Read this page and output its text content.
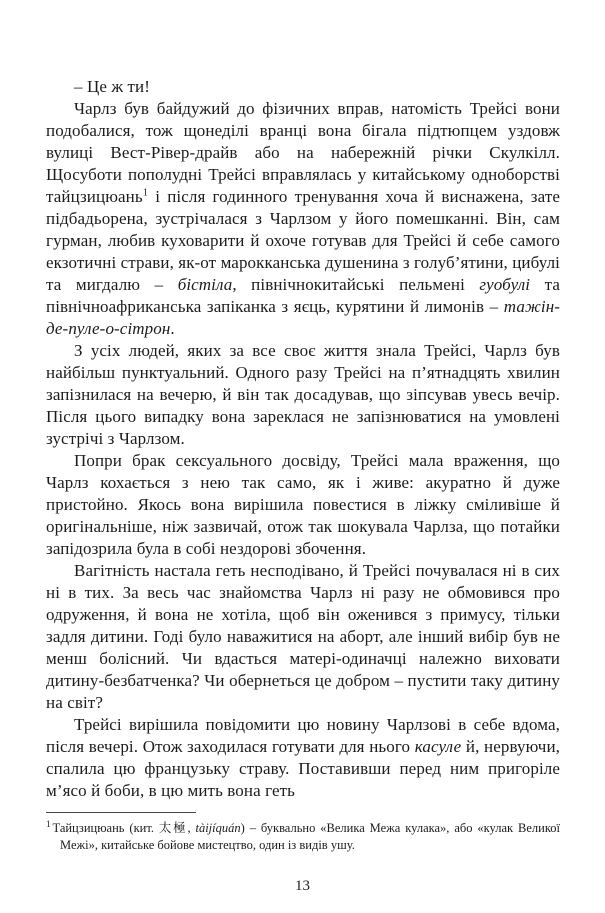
– Це ж ти!

Чарлз був байдужий до фізичних вправ, натомість Трейсі вони подобалися, тож щонеділі вранці вона бігала підтюпцем уздовж вулиці Вест-Рівер-драйв або на набережній річки Скулкілл. Щосуботи пополудні Трейсі вправлялась у китайському одноборстві тайцзицюань$^1$ і після годинного тренування хоча й виснажена, зате підбадьорена, зустрічалася з Чарлзом у його помешканні. Він, сам гурман, любив куховарити й охоче готував для Трейсі й себе самого екзотичні страви, як-от марокканська душенина з голуб’ятини, цибулі та мигдалю – бістіла, північнокитайські пельмені гуобулі та північноафриканська запіканка з яєць, курятини й лимонів – тажін-де-пуле-о-сітрон.

З усіх людей, яких за все своє життя знала Трейсі, Чарлз був найбільш пунктуальний. Одного разу Трейсі на п’ятнадцять хвилин запізнилася на вечерю, й він так досадував, що зіпсував увесь вечір. Після цього випадку вона зареклася не запізнюватися на умовлені зустрічі з Чарлзом.

Попри брак сексуального досвіду, Трейсі мала враження, що Чарлз кохається з нею так само, як і живе: акуратно й дуже пристойно. Якось вона вирішила повестися в ліжку сміливіше й оригінальніше, ніж зазвичай, отож так шокувала Чарлза, що потайки запідозрила була в собі нездорові збочення.

Вагітність настала геть несподівано, й Трейсі почувалася ні в сих ні в тих. За весь час знайомства Чарлз ні разу не обмовився про одруження, й вона не хотіла, щоб він оженився з примусу, тільки задля дитини. Годі було наважитися на аборт, але інший вибір був не менш болісний. Чи вдасться матері-одиначці належно виховати дитину-безбатченка? Чи обернеться це добром – пустити таку дитину на світ?

Трейсі вирішила повідомити цю новину Чарлзові в себе вдома, після вечері. Отож заходилася готувати для нього касуле й, нервуючи, спалила цю французьку страву. Поставивши перед ним пригоріле м’ясо й боби, в цю мить вона геть

$^1$ Тайцзицюань (кит. 太極, tàijíquán) – буквально «Велика Межа кулака», або «кулак Великої Межі», китайське бойове мистецтво, один із видів ушу.

13
